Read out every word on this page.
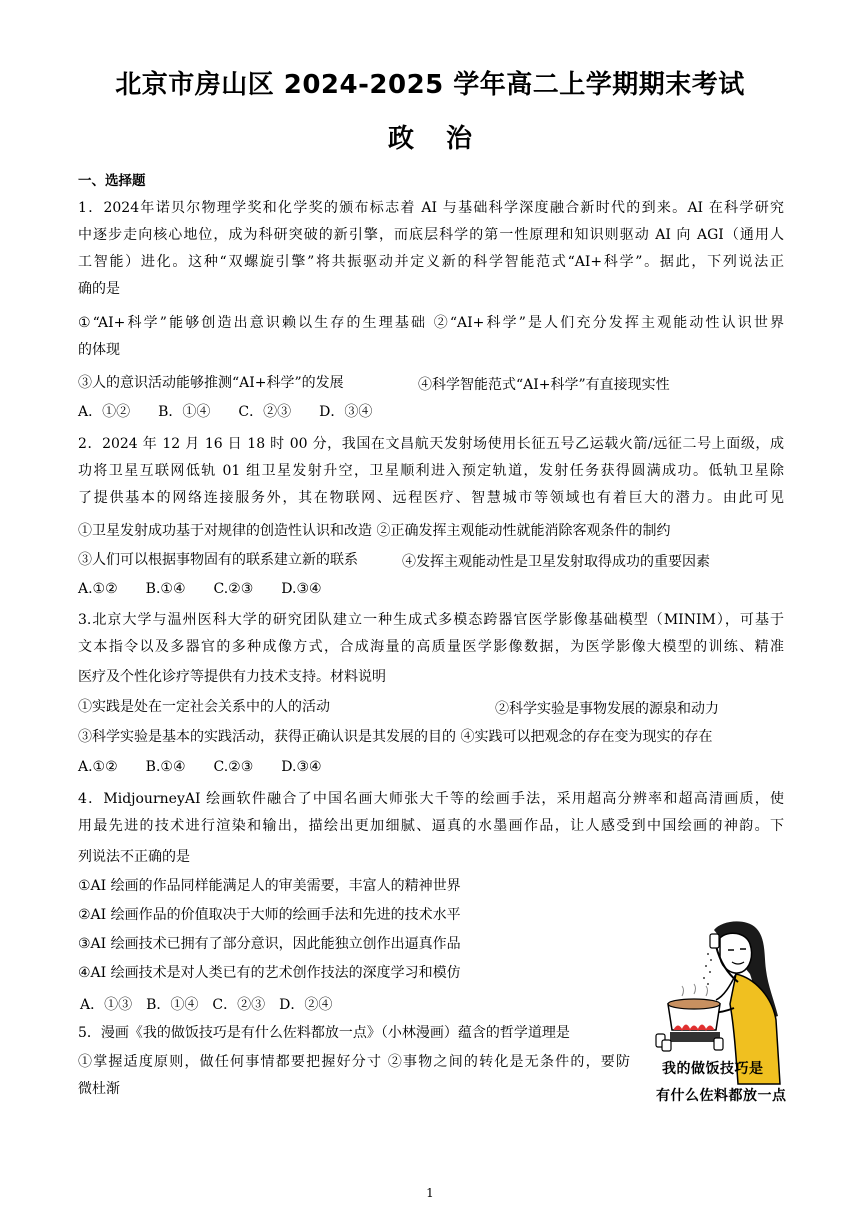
北京市房山区 2024-2025 学年高二上学期期末考试
政治
一、选择题
1．2024年诺贝尔物理学奖和化学奖的颁布标志着 AI 与基础科学深度融合新时代的到来。AI 在科学研究
中逐步走向核心地位，成为科研突破的新引擎，而底层科学的第一性原理和知识则驱动 AI 向 AGI（通用人
工智能）进化。这种“双螺旋引擎”将共振驱动并定义新的科学智能范式“AI+科学”。据此，下列说法正
确的是
①“AI+科学”能够创造出意识赖以生存的生理基础 ②“AI+科学”是人们充分发挥主观能动性认识世界
的体现
③人的意识活动能够推测“AI+科学”的发展	④科学智能范式“AI+科学”有直接现实性
A．①②　　B．①④　　C．②③　　D．③④
2．2024 年 12 月 16 日 18 时 00 分，我国在文昌航天发射场使用长征五号乙运载火箭/远征二号上面级，成
功将卫星互联网低轨 01 组卫星发射升空，卫星顺利进入预定轨道，发射任务获得圆满成功。低轨卫星除
了提供基本的网络连接服务外，其在物联网、远程医疗、智慧城市等领域也有着巨大的潜力。由此可见
①卫星发射成功基于对规律的创造性认识和改造 ②正确发挥主观能动性就能消除客观条件的制约
③人们可以根据事物固有的联系建立新的联系	④发挥主观能动性是卫星发射取得成功的重要因素
A.①②　　B.①④　　C.②③　　D.③④
3.北京大学与温州医科大学的研究团队建立一种生成式多模态跨器官医学影像基础模型（MINIM），可基于
文本指令以及多器官的多种成像方式，合成海量的高质量医学影像数据，为医学影像大模型的训练、精准
医疗及个性化诊疗等提供有力技术支持。材料说明
①实践是处在一定社会关系中的人的活动	②科学实验是事物发展的源泉和动力
③科学实验是基本的实践活动，获得正确认识是其发展的目的 ④实践可以把观念的存在变为现实的存在
A.①②　　B.①④　　C.②③　　D.③④
4．MidjourneyAI 绘画软件融合了中国名画大师张大千等的绘画手法，采用超高分辨率和超高清画质，使
用最先进的技术进行渲染和输出，描绘出更加细腻、逼真的水墨画作品，让人感受到中国绘画的神韵。下
列说法不正确的是
①AI 绘画的作品同样能满足人的审美需要，丰富人的精神世界
②AI 绘画作品的价值取决于大师的绘画手法和先进的技术水平
③AI 绘画技术已拥有了部分意识，因此能独立创作出逼真作品
④AI 绘画技术是对人类已有的艺术创作技法的深度学习和模仿
A．①③　B．①④　C．②③　D．②④
5．漫画《我的做饭技巧是有什么佐料都放一点》（小林漫画）蕴含的哲学道理是
①掌握适度原则，做任何事情都要把握好分寸 ②事物之间的转化是无条件的，要防
微杜渐
我的做饭技巧是
有什么佐料都放一点
1
